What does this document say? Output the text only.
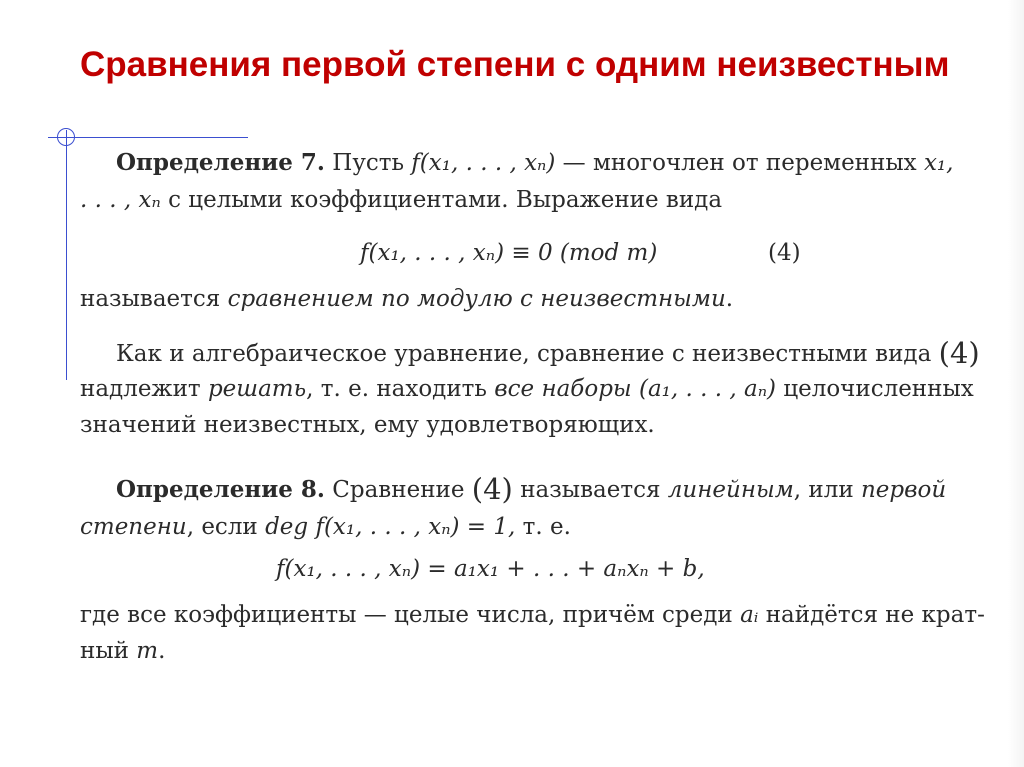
Сравнения первой степени с одним неизвестным
Определение 7. Пусть f(x₁, . . . , xₙ) — многочлен от переменных x₁,
. . . , xₙ с целыми коэффициентами. Выражение вида
f(x₁, . . . , xₙ) ≡ 0 (mod m)	(4)
называется сравнением по модулю с неизвестными.
Как и алгебраическое уравнение, сравнение с неизвестными вида (4)
надлежит решать, т. е. находить все наборы (a₁, . . . , aₙ) целочисленных
значений неизвестных, ему удовлетворяющих.
Определение 8. Сравнение (4) называется линейным, или первой
степени, если deg f(x₁, . . . , xₙ) = 1, т. е.
f(x₁, . . . , xₙ) = a₁x₁ + . . . + aₙxₙ + b,
где все коэффициенты — целые числа, причём среди aᵢ найдётся не крат-
ный m.
